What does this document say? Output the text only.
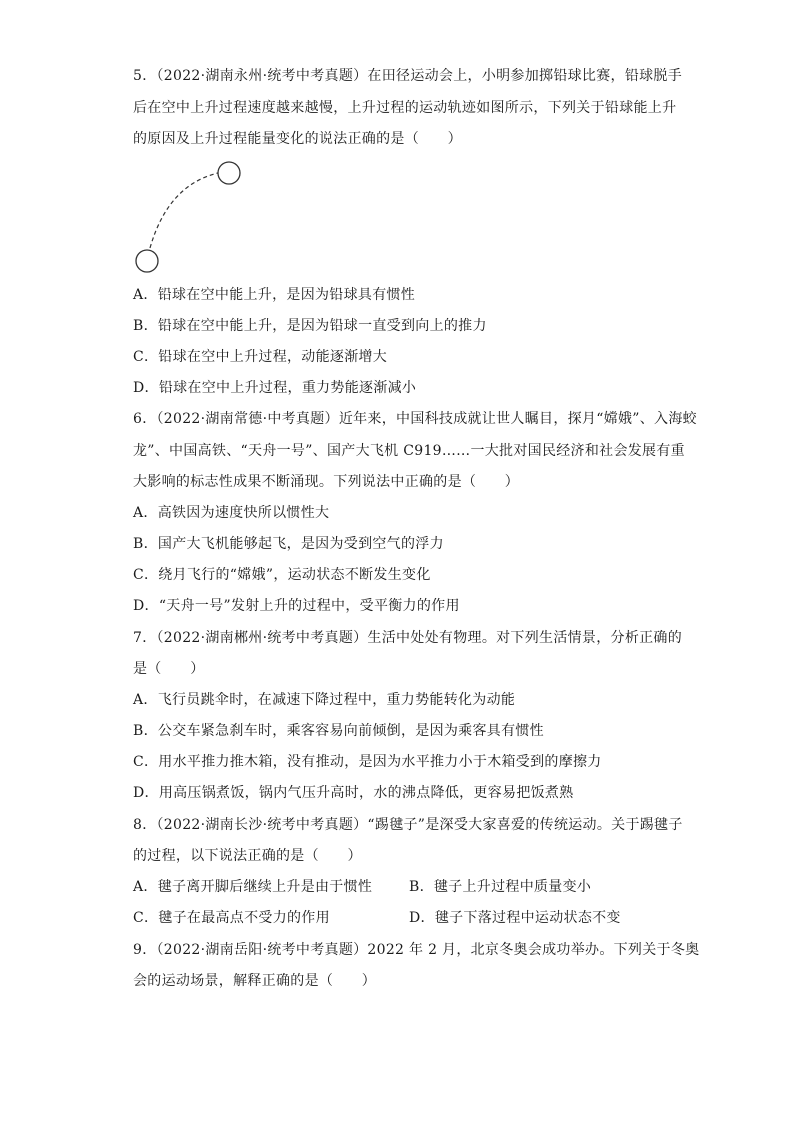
5．（2022·湖南永州·统考中考真题）在田径运动会上，小明参加掷铅球比赛，铅球脱手
后在空中上升过程速度越来越慢，上升过程的运动轨迹如图所示，下列关于铅球能上升
的原因及上升过程能量变化的说法正确的是（　　）
A．铅球在空中能上升，是因为铅球具有惯性
B．铅球在空中能上升，是因为铅球一直受到向上的推力
C．铅球在空中上升过程，动能逐渐增大
D．铅球在空中上升过程，重力势能逐渐减小
6．（2022·湖南常德·中考真题）近年来，中国科技成就让世人瞩目，探月“嫦娥”、入海蛟
龙”、中国高铁、“天舟一号”、国产大飞机 C919……一大批对国民经济和社会发展有重
大影响的标志性成果不断涌现。下列说法中正确的是（　　）
A．高铁因为速度快所以惯性大
B．国产大飞机能够起飞，是因为受到空气的浮力
C．绕月飞行的“嫦娥”，运动状态不断发生变化
D．“天舟一号”发射上升的过程中，受平衡力的作用
7．（2022·湖南郴州·统考中考真题）生活中处处有物理。对下列生活情景，分析正确的
是（　　）
A．飞行员跳伞时，在减速下降过程中，重力势能转化为动能
B．公交车紧急刹车时，乘客容易向前倾倒，是因为乘客具有惯性
C．用水平推力推木箱，没有推动，是因为水平推力小于木箱受到的摩擦力
D．用高压锅煮饭，锅内气压升高时，水的沸点降低，更容易把饭煮熟
8．（2022·湖南长沙·统考中考真题）“踢毽子”是深受大家喜爱的传统运动。关于踢毽子
的过程，以下说法正确的是（　　）
A．毽子离开脚后继续上升是由于惯性	B．毽子上升过程中质量变小
C．毽子在最高点不受力的作用	D．毽子下落过程中运动状态不变
9．（2022·湖南岳阳·统考中考真题）2022 年 2 月，北京冬奥会成功举办。下列关于冬奥
会的运动场景，解释正确的是（　　）
